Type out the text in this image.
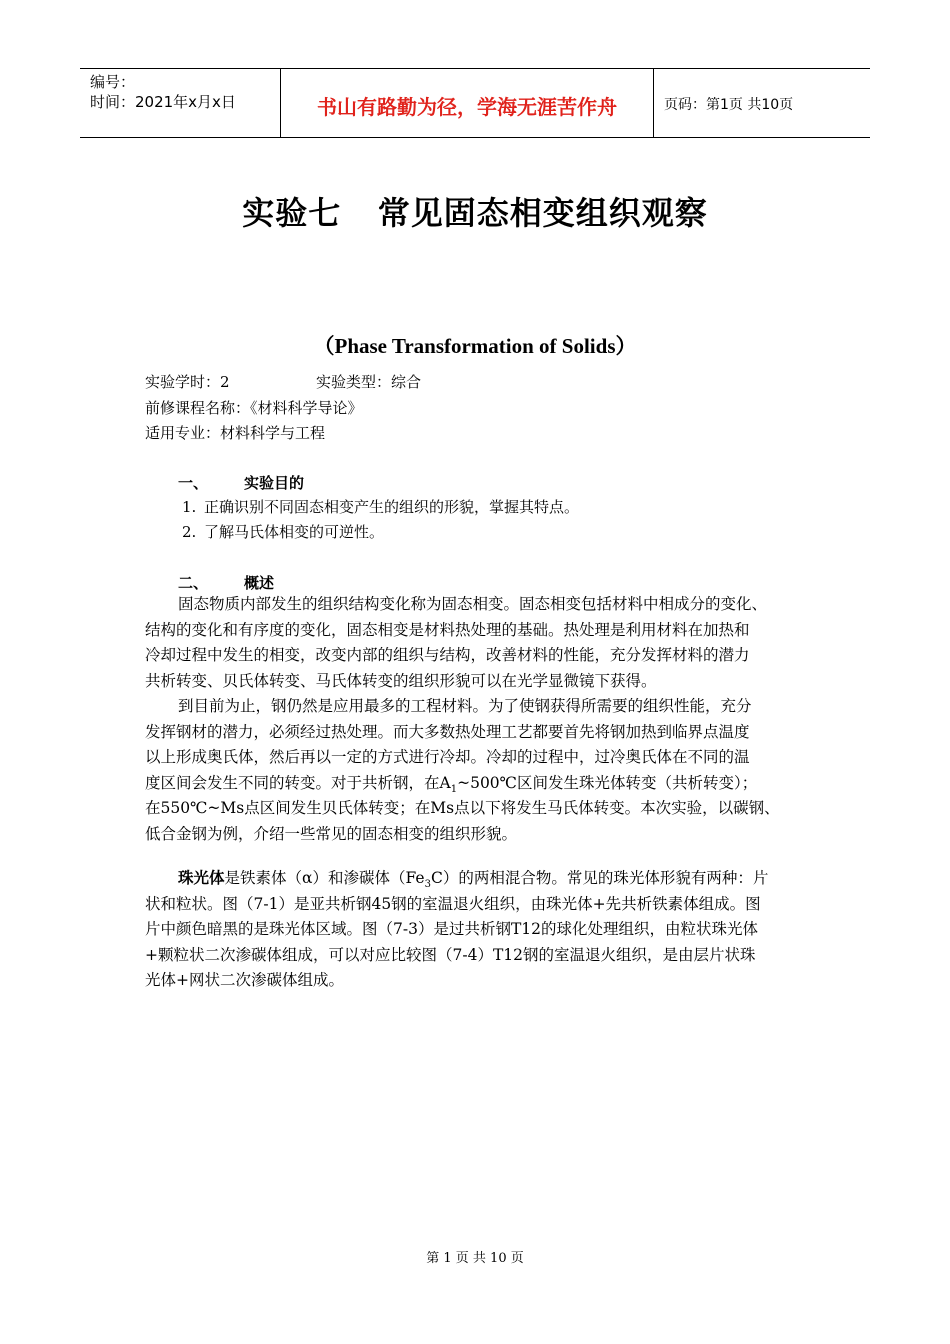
编号：
时间：2021年x月x日	书山有路勤为径，学海无涯苦作舟	页码：第1页 共10页
实验七   常见固态相变组织观察
（Phase Transformation of Solids）
实验学时：2	实验类型：综合
前修课程名称：《材料科学导论》
适用专业：材料科学与工程
一、 实验目的
1. 正确识别不同固态相变产生的组织的形貌，掌握其特点。
2. 了解马氏体相变的可逆性。
二、 概述
固态物质内部发生的组织结构变化称为固态相变。固态相变包括材料中相成分的变化、
结构的变化和有序度的变化，固态相变是材料热处理的基础。热处理是利用材料在加热和
冷却过程中发生的相变，改变内部的组织与结构，改善材料的性能，充分发挥材料的潜力
共析转变、贝氏体转变、马氏体转变的组织形貌可以在光学显微镜下获得。
到目前为止，钢仍然是应用最多的工程材料。为了使钢获得所需要的组织性能，充分
发挥钢材的潜力，必须经过热处理。而大多数热处理工艺都要首先将钢加热到临界点温度
以上形成奥氏体，然后再以一定的方式进行冷却。冷却的过程中，过冷奥氏体在不同的温
度区间会发生不同的转变。对于共析钢，在$A_1\sim 500℃$区间发生珠光体转变（共析转变）；
在550℃~Ms点区间发生贝氏体转变；在Ms点以下将发生马氏体转变。本次实验，以碳钢、
低合金钢为例，介绍一些常见的固态相变的组织形貌。
珠光体是铁素体（α）和渗碳体$(Fe_3C)$的两相混合物。常见的珠光体形貌有两种：片
状和粒状。图（7-1）是亚共析钢45钢的室温退火组织，由珠光体+先共析铁素体组成。图
片中颜色暗黑的是珠光体区域。图（7-3）是过共析钢T12的球化处理组织，由粒状珠光体
+颗粒状二次渗碳体组成，可以对应比较图（7-4）T12钢的室温退火组织，是由层片状珠
光体+网状二次渗碳体组成。
第 1 页 共 10 页
